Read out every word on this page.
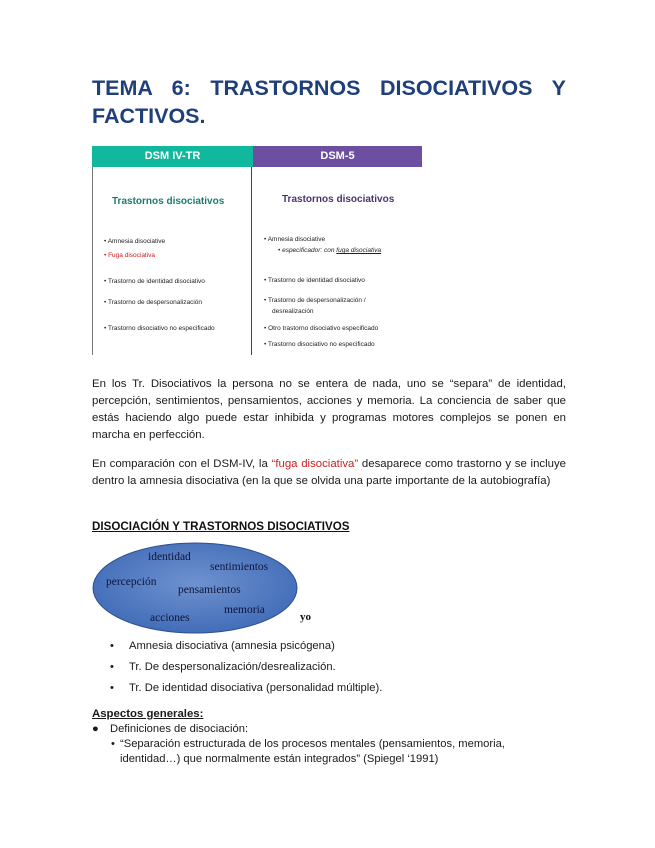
TEMA 6: TRASTORNOS DISOCIATIVOS Y
FACTIVOS.
DSM IV-TR	DSM-5
Trastornos disociativos	Trastornos disociativos
• Amnesia disociative
• Fuga disociativa
• Trastorno de identidad disociativo
• Trastorno de despersonalización
• Trastorno disociativo no especificado
• Amnesia disociative
• especificador: con fuga disociativa
• Trastorno de identidad disociativo
• Trastorno de despersonalización /
desrealización
• Otro trastorno disociativo especificado
• Trastorno disociativo no especificado
En los Tr. Disociativos la persona no se entera de nada, uno se “separa” de identidad, percepción, sentimientos, pensamientos, acciones y memoria. La conciencia de saber que estás haciendo algo puede estar inhibida y programas motores complejos se ponen en marcha en perfección.
En comparación con el DSM-IV, la “fuga disociativa” desaparece como trastorno y se incluye dentro la amnesia disociativa (en la que se olvida una parte importante de la autobiografía)
DISOCIACIÓN Y TRASTORNOS DISOCIATIVOS
identidad
sentimientos
percepción
pensamientos
acciones
memoria
yo
• Amnesia disociativa (amnesia psicógena)
• Tr. De despersonalización/desrealización.
• Tr. De identidad disociativa (personalidad múltiple).
Aspectos generales:
● Definiciones de disociación:
• “Separación estructurada de los procesos mentales (pensamientos, memoria, identidad…) que normalmente están integrados” (Spiegel ‘1991)
